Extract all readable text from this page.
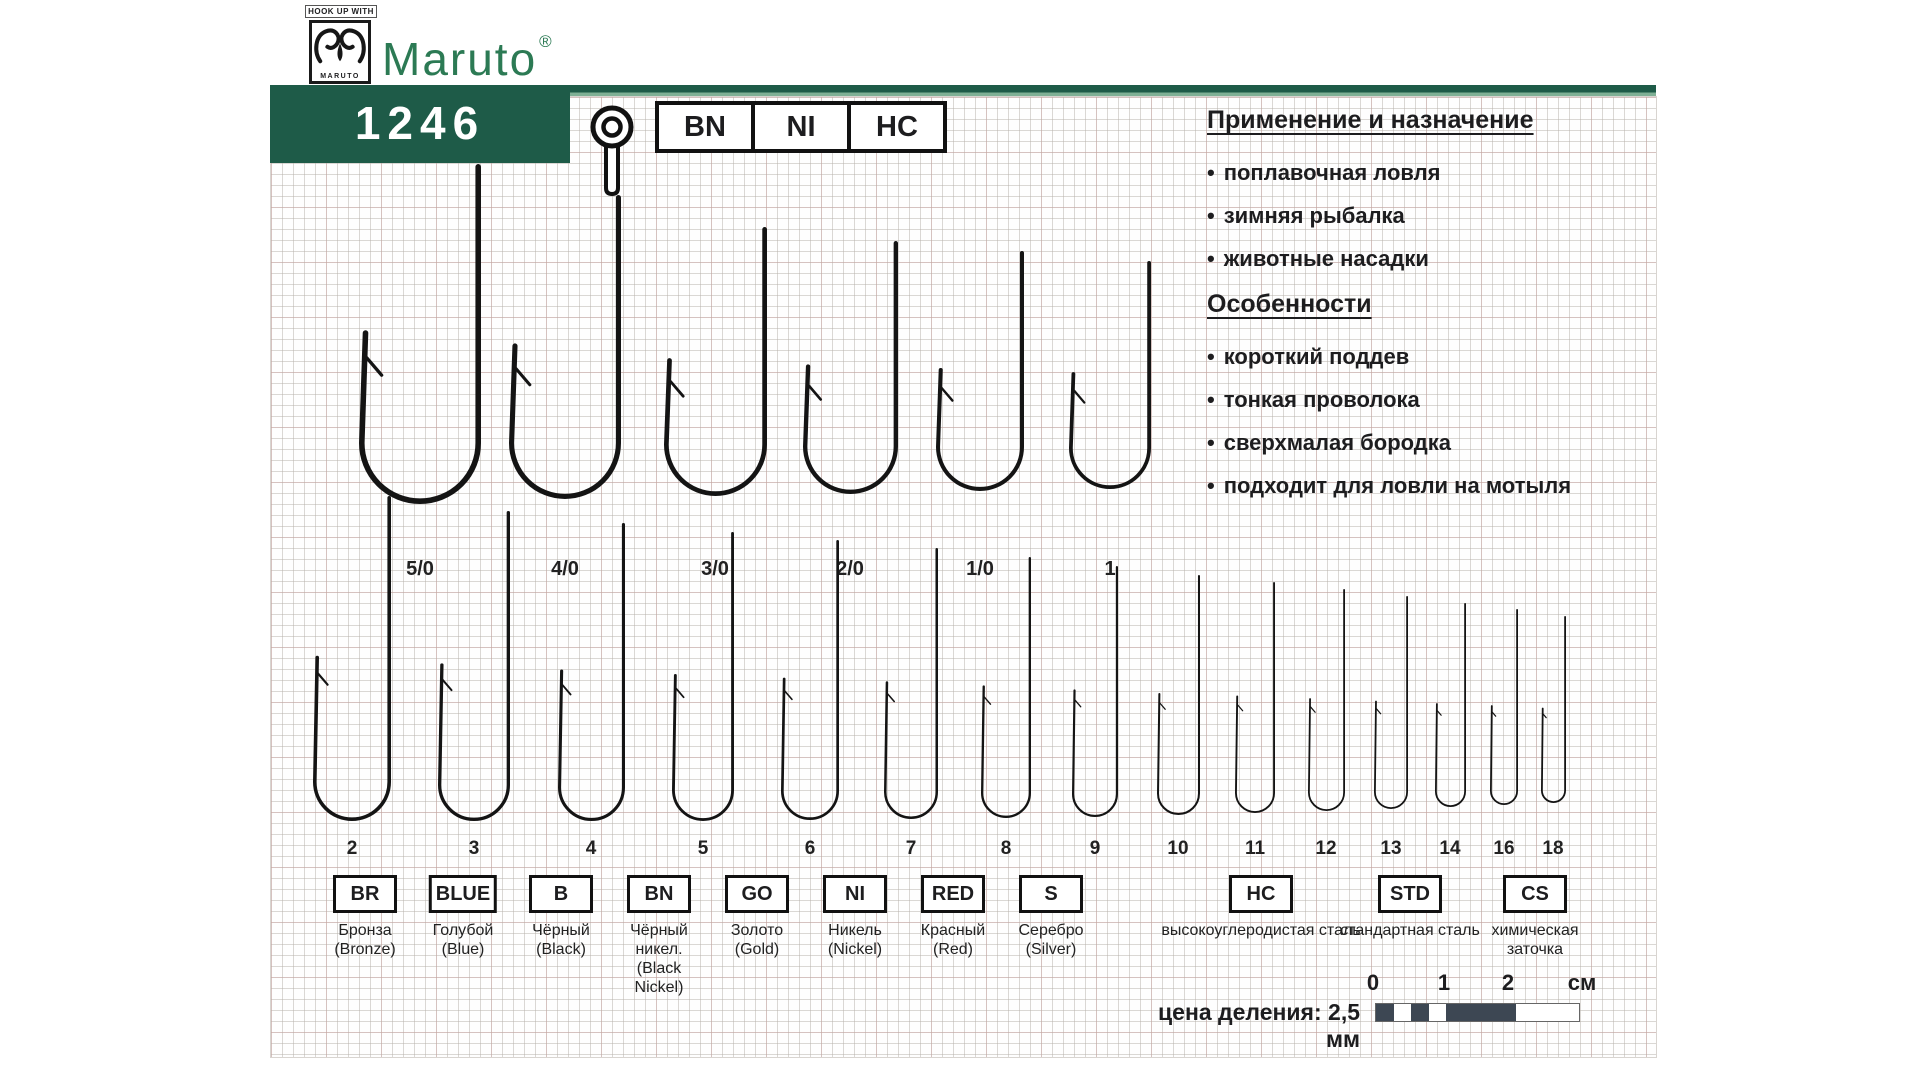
1246
HOOK UP WITH
MARUTO Maruto ®
BN	NI	HC	Применение и назначение
• поплавочная ловля
• зимняя рыбалка
• животные насадки
Особенности
• короткий поддев
• тонкая проволока
• сверхмалая бородка
• подходит для ловли на мотыля
5/0	4/0	3/0	2/0	1/0	1
2	3	4	5	6	7	8	9	10	11	12 13 14 16 18
BR
Бронза
(Bronze)
BLUE
Голубой
(Blue)
B
Чёрный
(Black)
BN
Чёрный никел.
(Black Nickel)
GO
Золото
(Gold)
NI
Никель
(Nickel)
RED
Красный
(Red)
S
Серебро
(Silver)
HC
высокоуглеродистая сталь
STD
стандартная сталь
CS
химическая заточка
цена деления: 2,5 мм
0	1 2 см
